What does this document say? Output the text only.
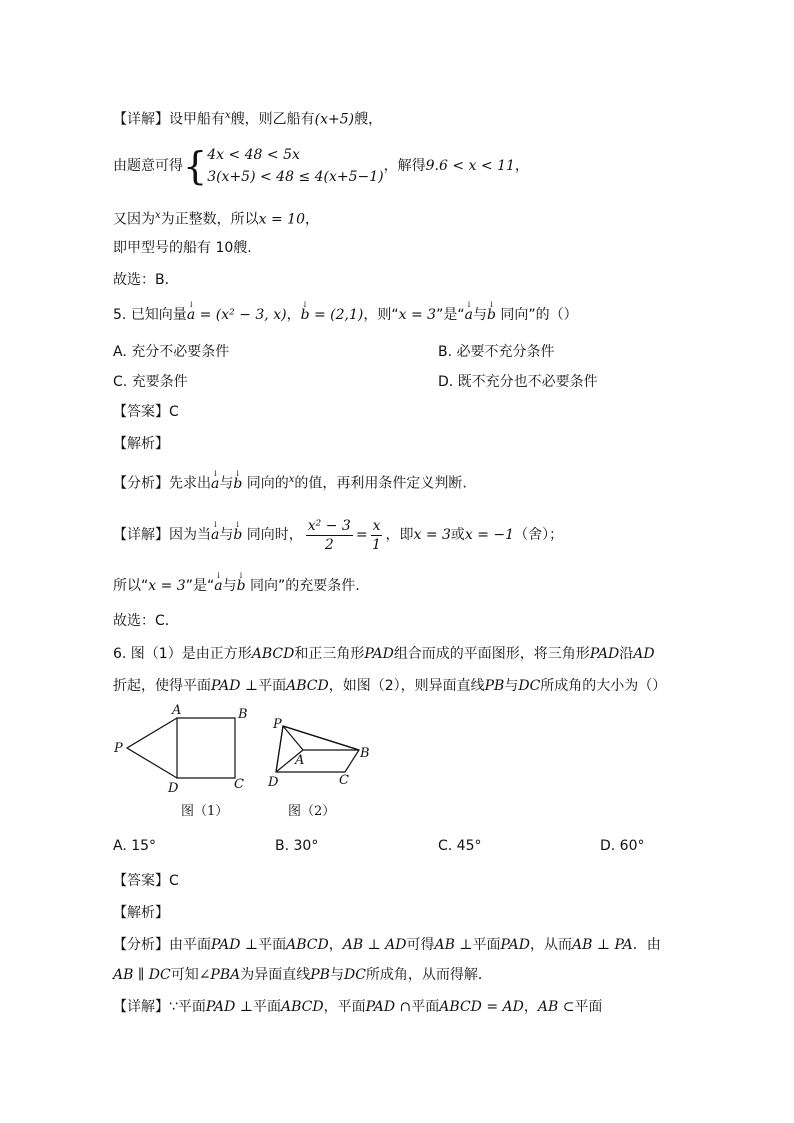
【详解】设甲船有$^x$艘，则乙船有(x+5)艘，
由题意可得{ 4x < 48 < 5x
3(x+5) < 48 ≤ 4(x+5−1)
，解得9.6 < x < 11，
又因为$^x$为正整数，所以x = 10，
即甲型号的船有 10艘.
故选：B．
5. 已知向量↓ a = (x² − 3, x)，↓ b = (2,1)，则“x = 3”是“↓ a与↓ b 同向”的（）
A. 充分不必要条件	B. 必要不充分条件
C. 充要条件	D. 既不充分也不必要条件
【答案】C
【解析】
【分析】先求出↓ a与↓ b 同向的$^x$的值，再利用条件定义判断.
【详解】因为当↓ a与↓ b 同向时， $\frac{\text{x² − 3}}{2} = \frac{x}{1}$ ，即x = 3或x = −1（舍）；
所以“x = 3”是“↓ a与↓ b 同向”的充要条件.
故选：C．
6. 图（1）是由正方形ABCD和正三角形PAD组合而成的平面图形，将三角形PAD沿AD
折起，使得平面PAD ⊥平面ABCD，如图（2），则异面直线PB与DC所成角的大小为（）
A	B
C
D
P
P
A	B
C
D
图（1）	图（2）
A. 15°	B. 30°	C. 45°	D. 60°
【答案】C
【解析】
【分析】由平面PAD ⊥平面ABCD，AB ⊥ AD可得AB ⊥平面PAD，从而AB ⊥ PA．由
AB ∥ DC可知∠PBA为异面直线PB与DC所成角，从而得解．
【详解】∵平面PAD ⊥平面ABCD，平面PAD ∩平面ABCD = AD，AB ⊂平面
